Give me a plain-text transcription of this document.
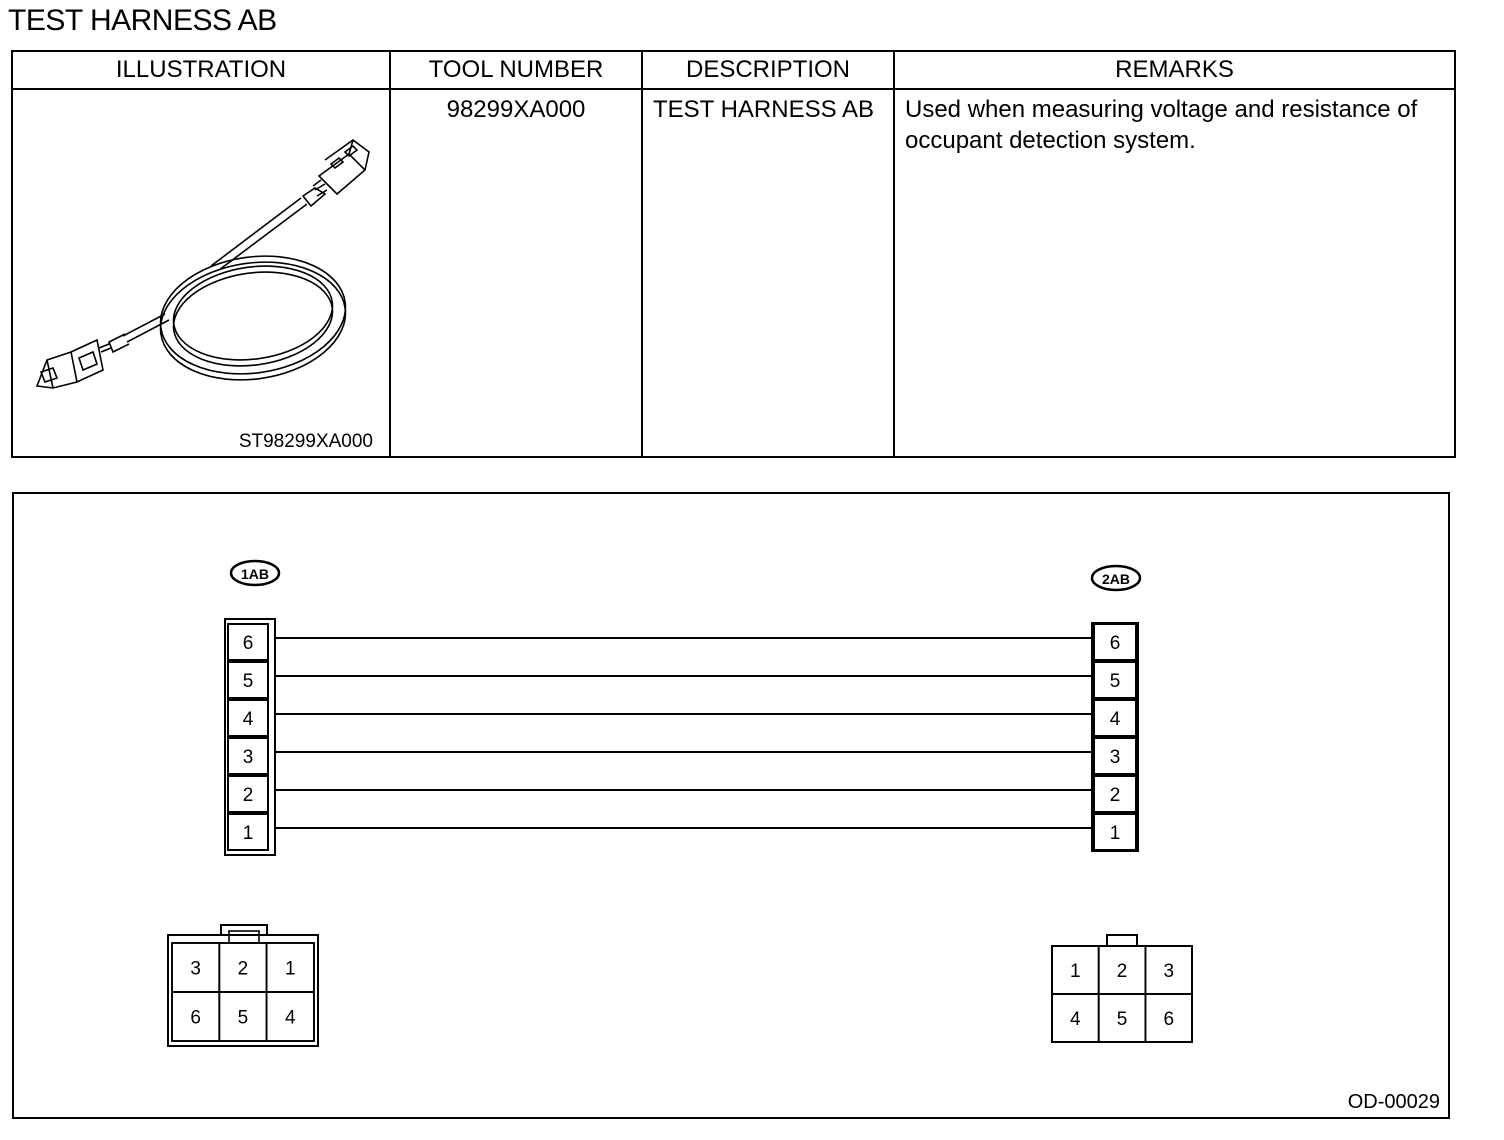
TEST HARNESS AB
ILLUSTRATION	TOOL NUMBER	DESCRIPTION	REMARKS

ST98299XA000	98299XA000	TEST HARNESS AB	Used when measuring voltage and resistance of occupant detection system.
6
5
4
3
2
1
6
5
4
3
2
1
3 2 1
6 5 4
1 2 3
4 5 6
1AB	2AB
OD-00029
